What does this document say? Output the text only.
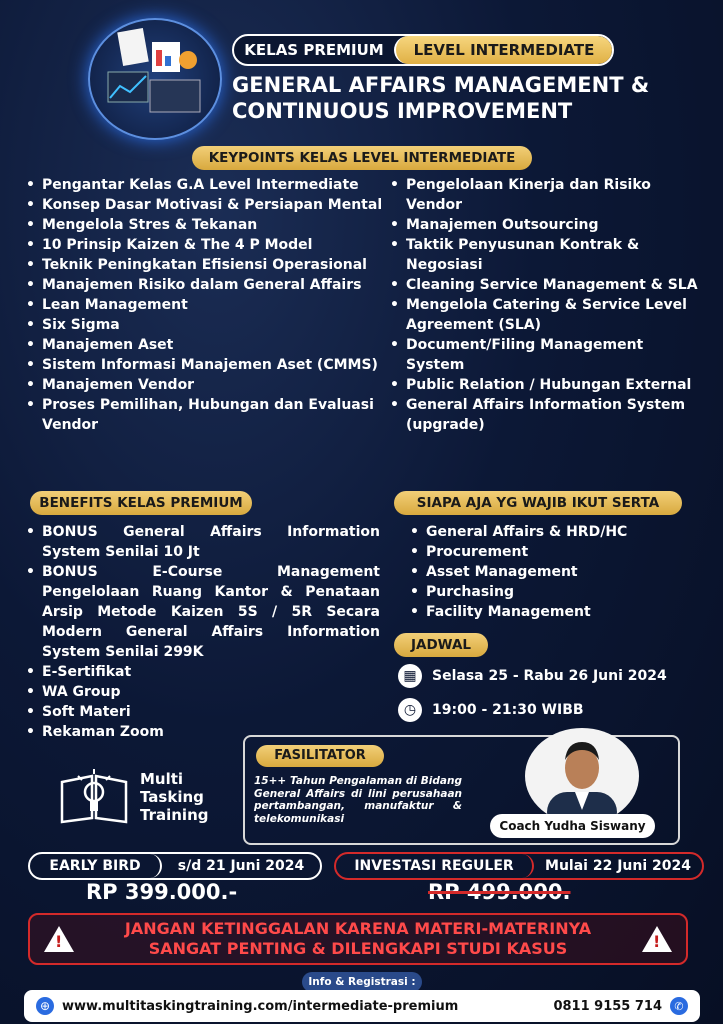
KELAS PREMIUM	LEVEL INTERMEDIATE
GENERAL AFFAIRS MANAGEMENT &
CONTINUOUS IMPROVEMENT
KEYPOINTS KELAS LEVEL INTERMEDIATE
• Pengantar Kelas G.A Level Intermediate
• Konsep Dasar Motivasi & Persiapan Mental
• Mengelola Stres & Tekanan
• 10 Prinsip Kaizen & The 4 P Model
• Teknik Peningkatan Efisiensi Operasional
• Manajemen Risiko dalam General Affairs
• Lean Management
• Six Sigma
• Manajemen Aset
• Sistem Informasi Manajemen Aset (CMMS)
• Manajemen Vendor
• Proses Pemilihan, Hubungan dan Evaluasi Vendor
• Pengelolaan Kinerja dan Risiko Vendor
• Manajemen Outsourcing
• Taktik Penyusunan Kontrak & Negosiasi
• Cleaning Service Management & SLA
• Mengelola Catering & Service Level Agreement (SLA)
• Document/Filing Management System
• Public Relation / Hubungan External
• General Affairs Information System (upgrade)
BENEFITS KELAS PREMIUM
• BONUS General Affairs Information System Senilai 10 Jt
• BONUS E-Course Management Pengelolaan Ruang Kantor & Penataan Arsip Metode Kaizen 5S / 5R Secara Modern General Affairs Information System Senilai 299K
• E-Sertifikat
• WA Group
• Soft Materi
• Rekaman Zoom
SIAPA AJA YG WAJIB IKUT SERTA
• General Affairs & HRD/HC
• Procurement
• Asset Management
• Purchasing
• Facility Management
JADWAL
▦	Selasa 25 - Rabu 26 Juni 2024
◷	19:00 - 21:30 WIBB
Multi
Tasking
Training
FASILITATOR
15++ Tahun Pengalaman di Bidang General Affairs di lini perusahaan pertambangan, manufaktur & telekomunikasi
Coach Yudha Siswany
EARLY BIRD	s/d 21 Juni 2024
RP 399.000.-
INVESTASI REGULER	Mulai 22 Juni 2024
RP 499.000.
!
JANGAN KETINGGALAN KARENA MATERI-MATERINYA
SANGAT PENTING & DILENGKAPI STUDI KASUS	!
Info & Registrasi :
⊕ www.multitaskingtraining.com/intermediate-premium	0811 9155 714	✆
